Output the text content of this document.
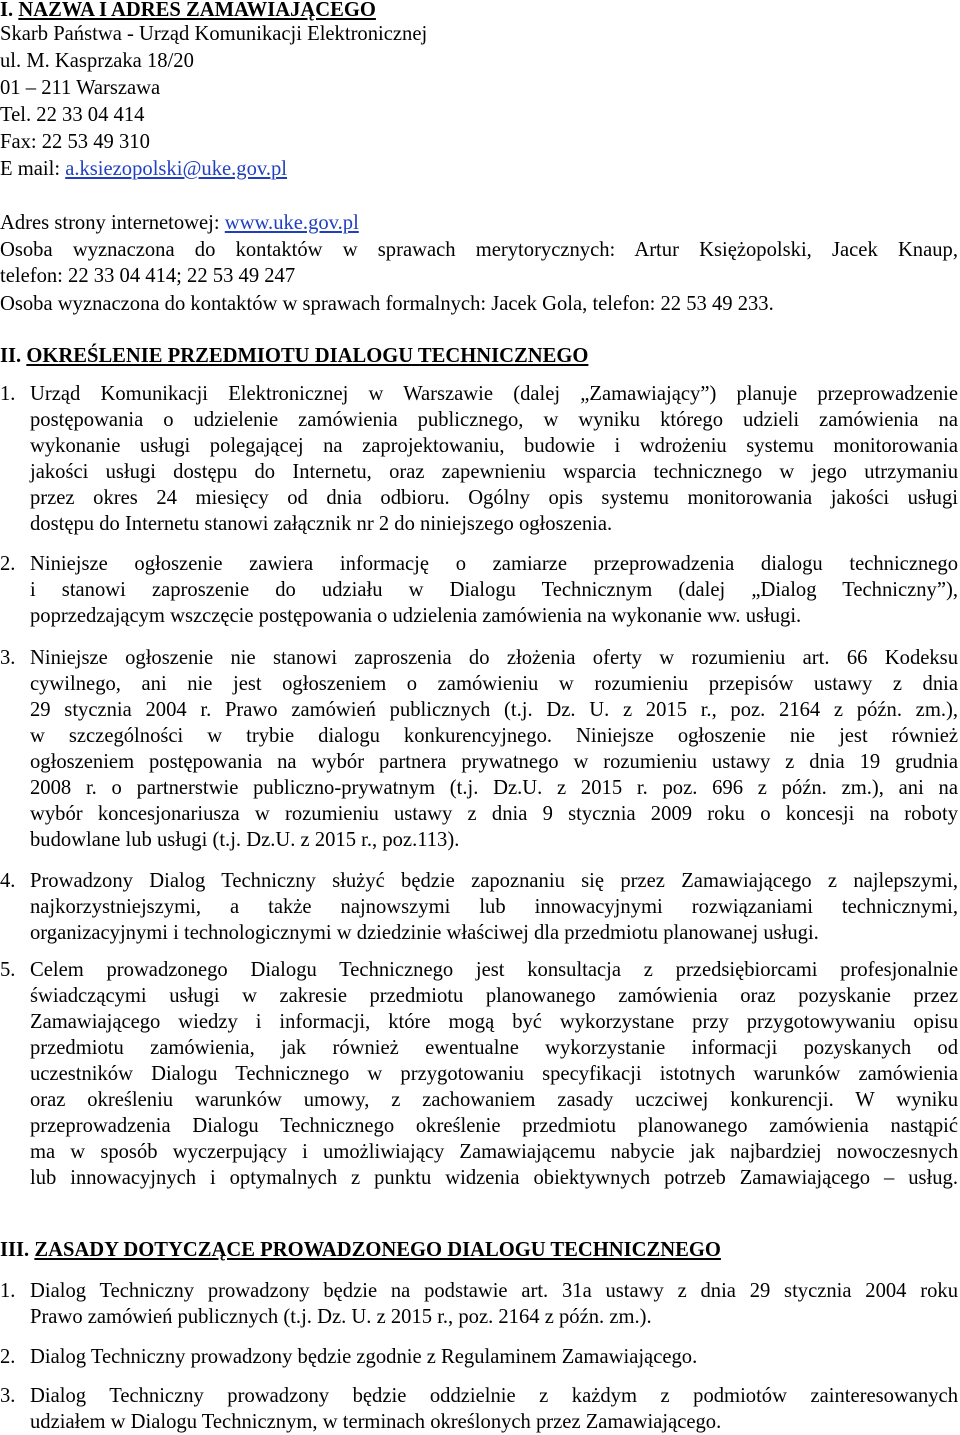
I. NAZWA I ADRES ZAMAWIAJĄCEGO
Skarb Państwa - Urząd Komunikacji Elektronicznej
ul. M. Kasprzaka 18/20
01 – 211 Warszawa
Tel. 22 33 04 414
Fax: 22 53 49 310
E mail: a.ksiezopolski@uke.gov.pl
Adres strony internetowej: www.uke.gov.pl
Osoba wyznaczona do kontaktów w sprawach merytorycznych: Artur Księżopolski, Jacek Knaup,
telefon: 22 33 04 414; 22 53 49 247
Osoba wyznaczona do kontaktów w sprawach formalnych: Jacek Gola, telefon: 22 53 49 233.
II. OKREŚLENIE PRZEDMIOTU DIALOGU TECHNICZNEGO
1. Urząd Komunikacji Elektronicznej w Warszawie (dalej „Zamawiający”) planuje przeprowadzenie
postępowania o udzielenie zamówienia publicznego, w wyniku którego udzieli zamówienia na
wykonanie usługi polegającej na zaprojektowaniu, budowie i wdrożeniu systemu monitorowania
jakości usługi dostępu do Internetu, oraz zapewnieniu wsparcia technicznego w jego utrzymaniu
przez okres 24 miesięcy od dnia odbioru. Ogólny opis systemu monitorowania jakości usługi
dostępu do Internetu stanowi załącznik nr 2 do niniejszego ogłoszenia.
2. Niniejsze ogłoszenie zawiera informację o zamiarze przeprowadzenia dialogu technicznego
i stanowi zaproszenie do udziału w Dialogu Technicznym (dalej „Dialog Techniczny”),
poprzedzającym wszczęcie postępowania o udzielenia zamówienia na wykonanie ww. usługi.
3. Niniejsze ogłoszenie nie stanowi zaproszenia do złożenia oferty w rozumieniu art. 66 Kodeksu
cywilnego, ani nie jest ogłoszeniem o zamówieniu w rozumieniu przepisów ustawy z dnia
29 stycznia 2004 r. Prawo zamówień publicznych (t.j. Dz. U. z 2015 r., poz. 2164 z późn. zm.),
w szczególności w trybie dialogu konkurencyjnego. Niniejsze ogłoszenie nie jest również
ogłoszeniem postępowania na wybór partnera prywatnego w rozumieniu ustawy z dnia 19 grudnia
2008 r. o partnerstwie publiczno-prywatnym (t.j. Dz.U. z 2015 r. poz. 696 z późn. zm.), ani na
wybór koncesjonariusza w rozumieniu ustawy z dnia 9 stycznia 2009 roku o koncesji na roboty
budowlane lub usługi (t.j. Dz.U. z 2015 r., poz.113).
4. Prowadzony Dialog Techniczny służyć będzie zapoznaniu się przez Zamawiającego z najlepszymi,
najkorzystniejszymi, a także najnowszymi lub innowacyjnymi rozwiązaniami technicznymi,
organizacyjnymi i technologicznymi w dziedzinie właściwej dla przedmiotu planowanej usługi.
5. Celem prowadzonego Dialogu Technicznego jest konsultacja z przedsiębiorcami profesjonalnie
świadczącymi usługi w zakresie przedmiotu planowanego zamówienia oraz pozyskanie przez
Zamawiającego wiedzy i informacji, które mogą być wykorzystane przy przygotowywaniu opisu
przedmiotu zamówienia, jak również ewentualne wykorzystanie informacji pozyskanych od
uczestników Dialogu Technicznego w przygotowaniu specyfikacji istotnych warunków zamówienia
oraz określeniu warunków umowy, z zachowaniem zasady uczciwej konkurencji. W wyniku
przeprowadzenia Dialogu Technicznego określenie przedmiotu planowanego zamówienia nastąpić
ma w sposób wyczerpujący i umożliwiający Zamawiającemu nabycie jak najbardziej nowoczesnych
lub innowacyjnych i optymalnych z punktu widzenia obiektywnych potrzeb Zamawiającego – usług.
III. ZASADY DOTYCZĄCE PROWADZONEGO DIALOGU TECHNICZNEGO
1. Dialog Techniczny prowadzony będzie na podstawie art. 31a ustawy z dnia 29 stycznia 2004 roku
Prawo zamówień publicznych (t.j. Dz. U. z 2015 r., poz. 2164 z późn. zm.).
2. Dialog Techniczny prowadzony będzie zgodnie z Regulaminem Zamawiającego.
3. Dialog Techniczny prowadzony będzie oddzielnie z każdym z podmiotów zainteresowanych
udziałem w Dialogu Technicznym, w terminach określonych przez Zamawiającego.
